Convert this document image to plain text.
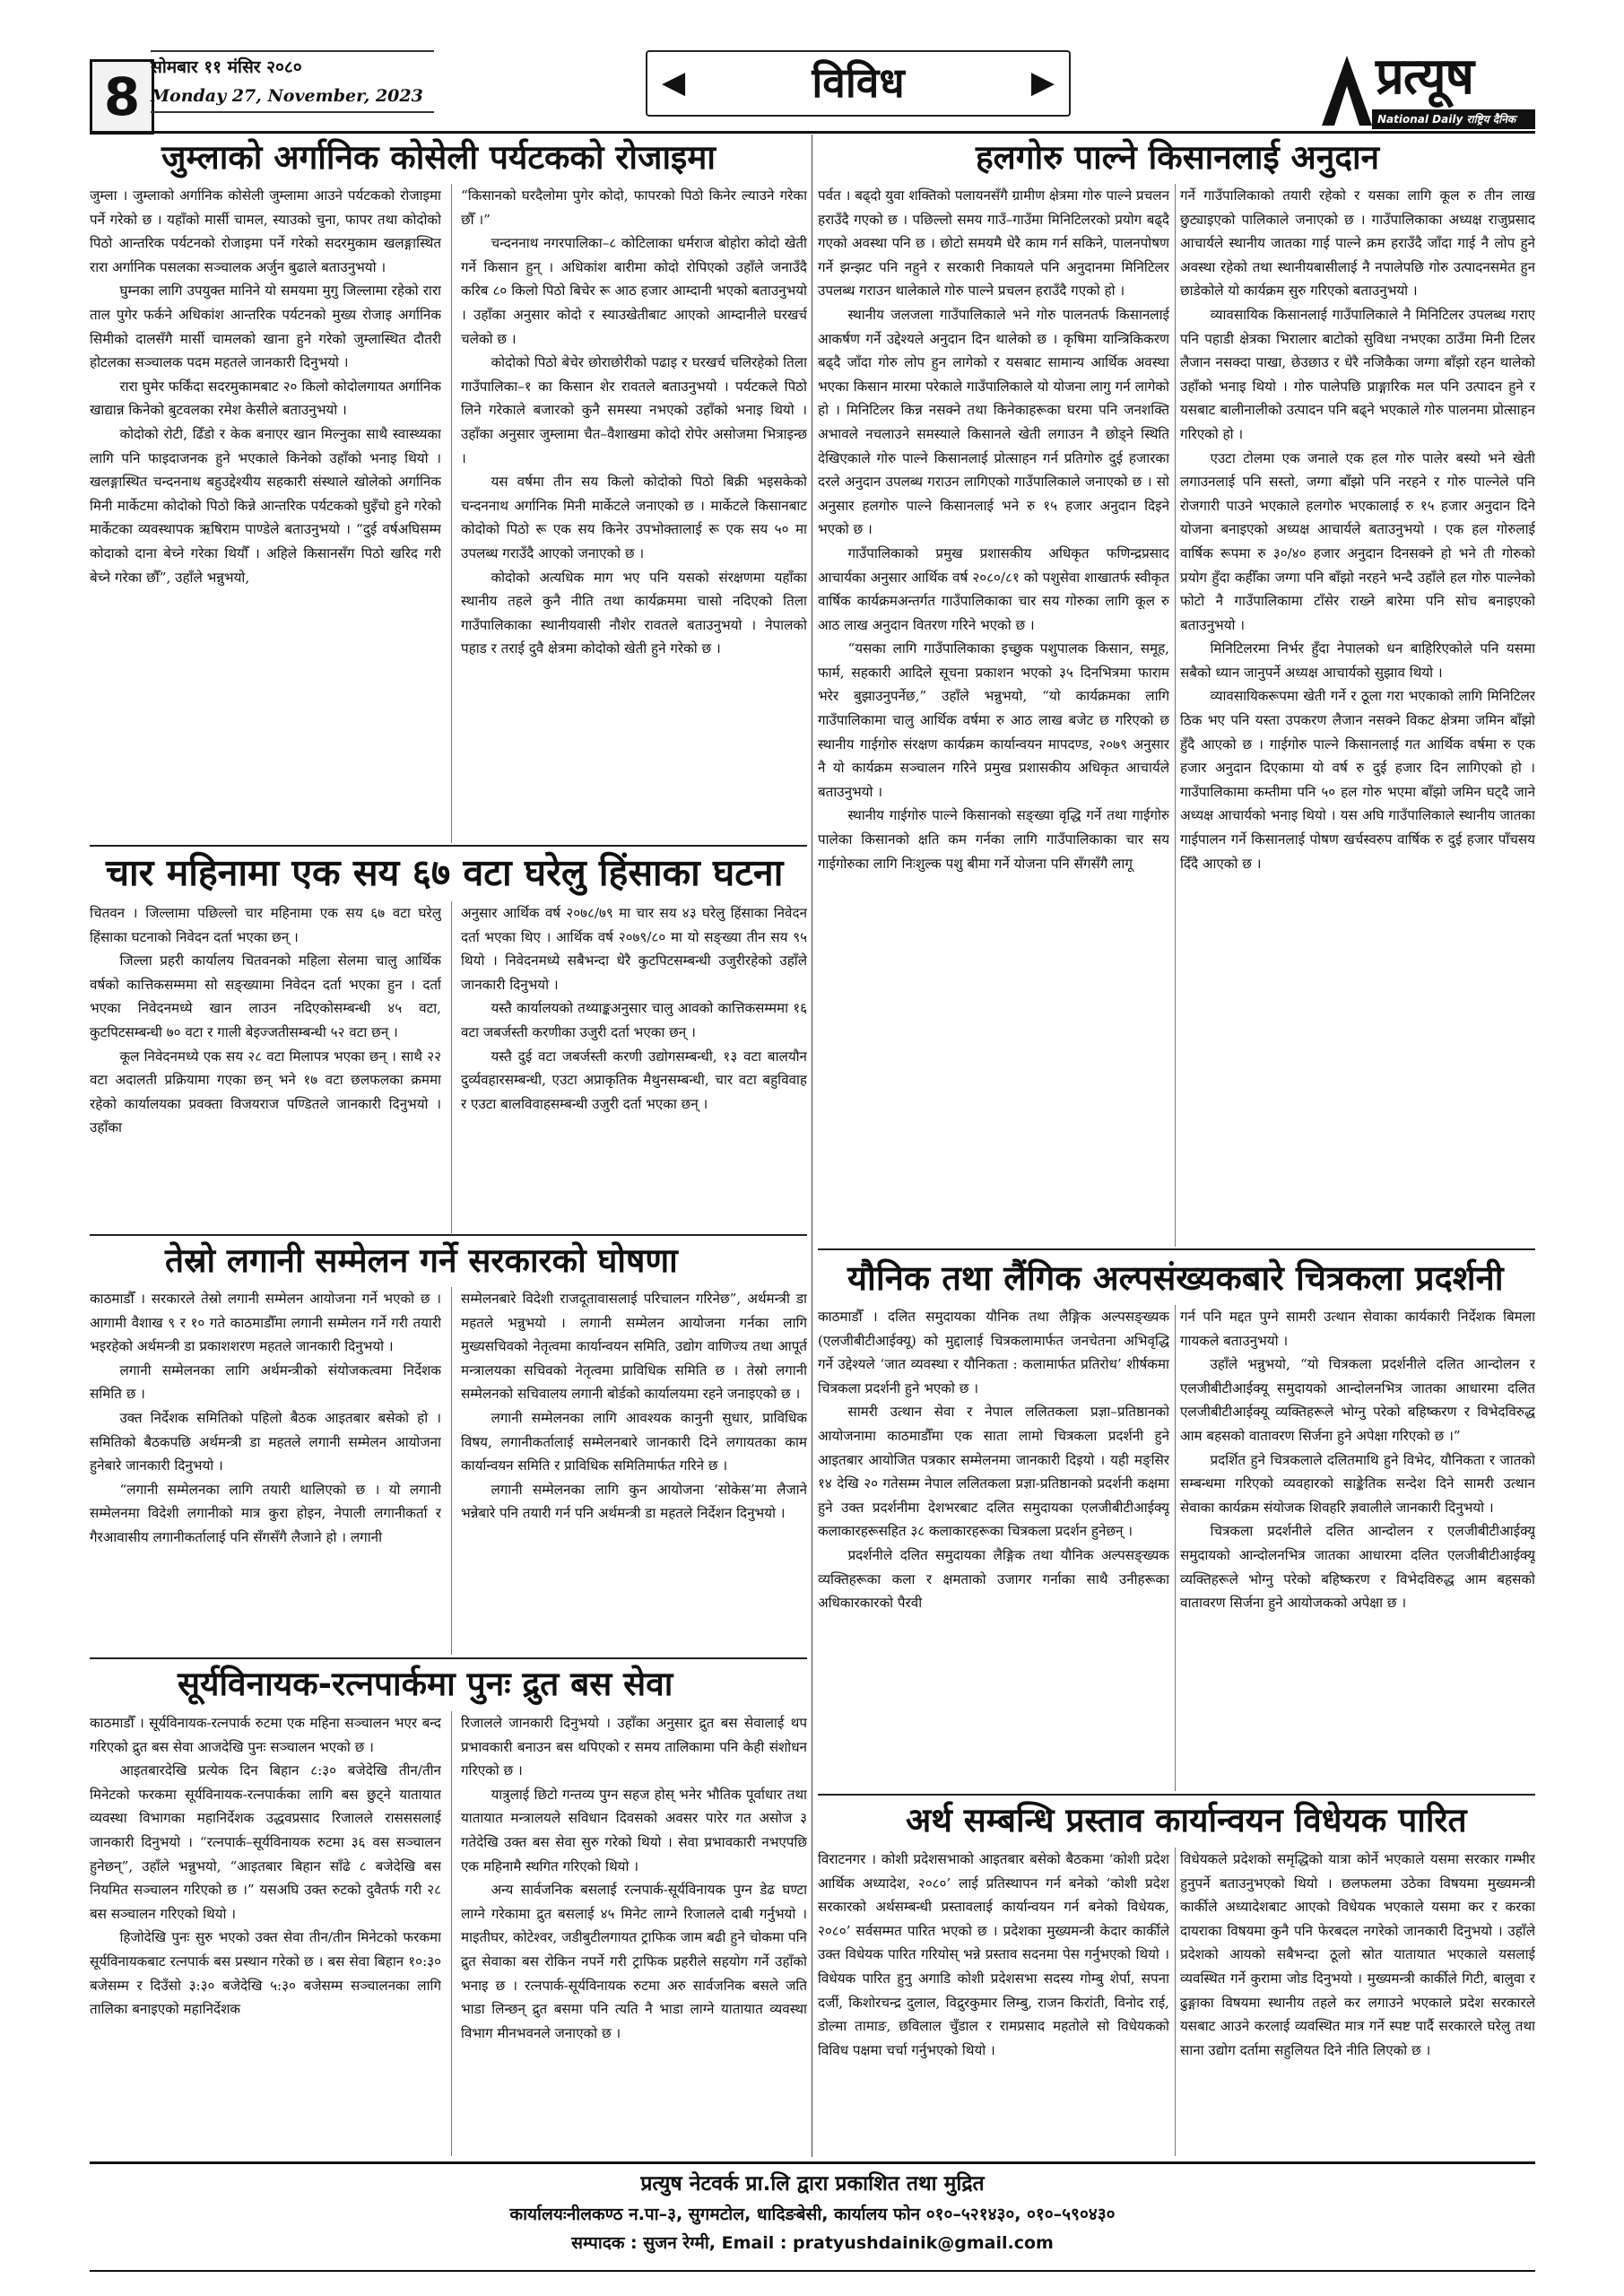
8 सोमबार ११ मंसिर २०८०
Monday 27, November, 2023	◀	विविध	▶	प्रत्यूष
National Daily राष्ट्रिय दैनिक
जुम्लाको अर्गानिक कोसेली पर्यटकको रोजाइमा

जुम्ला । जुम्लाको अर्गानिक कोसेली जुम्लामा आउने पर्यटकको रोजाइमा पर्ने गरेको छ । यहाँको मार्सी चामल, स्याउको चुना, फापर तथा कोदोको पिठो आन्तरिक पर्यटनको रोजाइमा पर्ने गरेको सदरमुकाम खलङ्गास्थित रारा अर्गानिक पसलका सञ्चालक अर्जुन बुढाले बताउनुभयो ।

घुम्नका लागि उपयुक्त मानिने यो समयमा मुगु जिल्लामा रहेको रारा ताल पुगेर फर्कने अधिकांश आन्तरिक पर्यटनको मुख्य रोजाइ अर्गानिक सिमीको दालसँगै मार्सी चामलको खाना हुने गरेको जुम्लास्थित दौतरी होटलका सञ्चालक पदम महतले जानकारी दिनुभयो ।

रारा घुमेर फर्किंदा सदरमुकामबाट २० किलो कोदोलगायत अर्गानिक खाद्यान्न किनेको बुटवलका रमेश केसीले बताउनुभयो ।

कोदोको रोटी, ढिँडो र केक बनाएर खान मिल्नुका साथै स्वास्थ्यका लागि पनि फाइदाजनक हुने भएकाले किनेको उहाँको भनाइ थियो । खलङ्गास्थित चन्दननाथ बहुउद्देश्यीय सहकारी संस्थाले खोलेको अर्गानिक मिनी मार्केटमा कोदोको पिठो किन्ने आन्तरिक पर्यटकको घुइँचो हुने गरेको मार्केटका व्यवस्थापक ऋषिराम पाण्डेले बताउनुभयो । “दुई वर्षअघिसम्म कोदाको दाना बेच्ने गरेका थियौँ । अहिले किसानसँग पिठो खरिद गरी बेच्ने गरेका छौँ”, उहाँले भन्नुभयो,

“किसानको घरदैलोमा पुगेर कोदो, फापरको पिठो किनेर ल्याउने गरेका छौँ ।”

चन्दननाथ नगरपालिका–८ कोटिलाका धर्मराज बोहोरा कोदो खेती गर्ने किसान हुन् । अधिकांश बारीमा कोदो रोपिएको उहाँले जनाउँदै करिब ८० किलो पिठो बिचेर रू आठ हजार आम्दानी भएको बताउनुभयो । उहाँका अनुसार कोदो र स्याउखेतीबाट आएको आम्दानीले घरखर्च चलेको छ ।

कोदोको पिठो बेचेर छोराछोरीको पढाइ र घरखर्च चलिरहेको तिला गाउँपालिका–१ का किसान शेर रावतले बताउनुभयो । पर्यटकले पिठो लिने गरेकाले बजारको कुनै समस्या नभएको उहाँको भनाइ थियो । उहाँका अनुसार जुम्लामा चैत–वैशाखमा कोदो रोपेर असोजमा भित्राइन्छ ।

यस वर्षमा तीन सय किलो कोदोको पिठो बिक्री भइसकेको चन्दननाथ अर्गानिक मिनी मार्केटले जनाएको छ । मार्केटले किसानबाट कोदोको पिठो रू एक सय किनेर उपभोक्तालाई रू एक सय ५० मा उपलब्ध गराउँदै आएको जनाएको छ ।

कोदोको अत्यधिक माग भए पनि यसको संरक्षणमा यहाँका स्थानीय तहले कुनै नीति तथा कार्यक्रममा चासो नदिएको तिला गाउँपालिकाका स्थानीयवासी नौशेर रावतले बताउनुभयो । नेपालको पहाड र तराई दुवै क्षेत्रमा कोदोको खेती हुने गरेको छ ।

चार महिनामा एक सय ६७ वटा घरेलु हिंसाका घटना

चितवन । जिल्लामा पछिल्लो चार महिनामा एक सय ६७ वटा घरेलु हिंसाका घटनाको निवेदन दर्ता भएका छन् ।

जिल्ला प्रहरी कार्यालय चितवनको महिला सेलमा चालु आर्थिक वर्षको कात्तिकसम्ममा सो सङ्ख्यामा निवेदन दर्ता भएका हुन । दर्ता भएका निवेदनमध्ये खान लाउन नदिएकोसम्बन्धी ४५ वटा, कुटपिटसम्बन्धी ७० वटा र गाली बेइज्जतीसम्बन्धी ५२ वटा छन् ।

कूल निवेदनमध्ये एक सय २८ वटा मिलापत्र भएका छन् । साथै २२ वटा अदालती प्रक्रियामा गएका छन् भने १७ वटा छलफलका क्रममा रहेको कार्यालयका प्रवक्ता विजयराज पण्डितले जानकारी दिनुभयो । उहाँका

अनुसार आर्थिक वर्ष २०७८/७९ मा चार सय ४३ घरेलु हिंसाका निवेदन दर्ता भएका थिए । आर्थिक वर्ष २०७९/८० मा यो सङ्ख्या तीन सय ९५ थियो । निवेदनमध्ये सबैभन्दा धेरै कुटपिटसम्बन्धी उजुरीरहेको उहाँले जानकारी दिनुभयो ।

यस्तै कार्यालयको तथ्याङ्कअनुसार चालु आवको कात्तिकसम्ममा १६ वटा जबर्जस्ती करणीका उजुरी दर्ता भएका छन् ।

यस्तै दुई वटा जबर्जस्ती करणी उद्योगसम्बन्धी, १३ वटा बालयौन दुर्व्यवहारसम्बन्धी, एउटा अप्राकृतिक मैथुनसम्बन्धी, चार वटा बहुविवाह र एउटा बालविवाहसम्बन्धी उजुरी दर्ता भएका छन् ।

तेस्रो लगानी सम्मेलन गर्ने सरकारको घोषणा

काठमाडौँ । सरकारले तेस्रो लगानी सम्मेलन आयोजना गर्ने भएको छ । आगामी वैशाख ९ र १० गते काठमाडौँमा लगानी सम्मेलन गर्ने गरी तयारी भइरहेको अर्थमन्त्री डा प्रकाशशरण महतले जानकारी दिनुभयो ।

लगानी सम्मेलनका लागि अर्थमन्त्रीको संयोजकत्वमा निर्देशक समिति छ ।

उक्त निर्देशक समितिको पहिलो बैठक आइतबार बसेको हो । समितिको बैठकपछि अर्थमन्त्री डा महतले लगानी सम्मेलन आयोजना हुनेबारे जानकारी दिनुभयो ।

“लगानी सम्मेलनका लागि तयारी थालिएको छ । यो लगानी सम्मेलनमा विदेशी लगानीको मात्र कुरा होइन, नेपाली लगानीकर्ता र गैरआवासीय लगानीकर्तालाई पनि सँगसँगै लैजाने हो । लगानी

सम्मेलनबारे विदेशी राजदूतावासलाई परिचालन गरिनेछ”, अर्थमन्त्री डा महतले भन्नुभयो । लगानी सम्मेलन आयोजना गर्नका लागि मुख्यसचिवको नेतृत्वमा कार्यान्वयन समिति, उद्योग वाणिज्य तथा आपूर्त मन्त्रालयका सचिवको नेतृत्वमा प्राविधिक समिति छ । तेस्रो लगानी सम्मेलनको सचिवालय लगानी बोर्डको कार्यालयमा रहने जनाइएको छ ।

लगानी सम्मेलनका लागि आवश्यक कानुनी सुधार, प्राविधिक विषय, लगानीकर्तालाई सम्मेलनबारे जानकारी दिने लगायतका काम कार्यान्वयन समिति र प्राविधिक समितिमार्फत गरिने छ ।

लगानी सम्मेलनका लागि कुन आयोजना ‘सोकेस’मा लैजाने भन्नेबारे पनि तयारी गर्न पनि अर्थमन्त्री डा महतले निर्देशन दिनुभयो ।

सूर्यविनायक-रत्नपार्कमा पुनः द्रुत बस सेवा

काठमाडौँ । सूर्यविनायक-रत्नपार्क रुटमा एक महिना सञ्चालन भएर बन्द गरिएको द्रुत बस सेवा आजदेखि पुनः सञ्चालन भएको छ ।

आइतबारदेखि प्रत्येक दिन बिहान ८:३० बजेदेखि तीन/तीन मिनेटको फरकमा सूर्यविनायक-रत्नपार्कका लागि बस छुट्ने यातायात व्यवस्था विभागका महानिर्देशक उद्धवप्रसाद रिजालले रासससलाई जानकारी दिनुभयो । “रत्नपार्क–सूर्यविनायक रुटमा ३६ वस सञ्चालन हुनेछन्”, उहाँले भन्नुभयो, “आइतबार बिहान साँढे ८ बजेदेखि बस नियमित सञ्चालन गरिएको छ ।” यसअघि उक्त रुटको दुवैतर्फ गरी २८ बस सञ्चालन गरिएको थियो ।

हिजोदेखि पुनः सुरु भएको उक्त सेवा तीन/तीन मिनेटको फरकमा सूर्यविनायकबाट रत्नपार्क बस प्रस्थान गरेको छ । बस सेवा बिहान १०:३० बजेसम्म र दिउँसो ३:३० बजेदेखि ५:३० बजेसम्म सञ्चालनका लागि तालिका बनाइएको महानिर्देशक

रिजालले जानकारी दिनुभयो । उहाँका अनुसार द्रुत बस सेवालाई थप प्रभावकारी बनाउन बस थपिएको र समय तालिकामा पनि केही संशोधन गरिएको छ ।

यात्रुलाई छिटो गन्तव्य पुग्न सहज होस् भनेर भौतिक पूर्वाधार तथा यातायात मन्त्रालयले सविधान दिवसको अवसर पारेर गत असोज ३ गतेदेखि उक्त बस सेवा सुरु गरेको थियो । सेवा प्रभावकारी नभएपछि एक महिनामै स्थगित गरिएको थियो ।

अन्य सार्वजनिक बसलाई रत्नपार्क-सूर्यविनायक पुग्न डेढ घण्टा लाग्ने गरेकामा द्रुत बसलाई ४५ मिनेट लाग्ने रिजालले दाबी गर्नुभयो । माइतीघर, कोटेश्वर, जडीबुटीलगायत ट्राफिक जाम बढी हुने चोकमा पनि द्रुत सेवाका बस रोकिन नपर्ने गरी ट्राफिक प्रहरीले सहयोग गर्ने उहाँको भनाइ छ । रत्नपार्क-सूर्यविनायक रुटमा अरु सार्वजनिक बसले जति भाडा लिन्छन् द्रुत बसमा पनि त्यति नै भाडा लाग्ने यातायात व्यवस्था विभाग मीनभवनले जनाएको छ ।

हलगोरु पाल्ने किसानलाई अनुदान

पर्वत । बढ्दो युवा शक्तिको पलायनसँगै ग्रामीण क्षेत्रमा गोरु पाल्ने प्रचलन हराउँदै गएको छ । पछिल्लो समय गाउँ–गाउँमा मिनिटिलरको प्रयोग बढ्दै गएको अवस्था पनि छ । छोटो समयमै धेरै काम गर्न सकिने, पालनपोषण गर्ने झन्झट पनि नहुने र सरकारी निकायले पनि अनुदानमा मिनिटिलर उपलब्ध गराउन थालेकाले गोरु पाल्ने प्रचलन हराउँदै गएको हो ।

स्थानीय जलजला गाउँपालिकाले भने गोरु पालनतर्फ किसानलाई आकर्षण गर्ने उद्देश्यले अनुदान दिन थालेको छ । कृषिमा यान्त्रिकिकरण बढ्दै जाँदा गोरु लोप हुन लागेको र यसबाट सामान्य आर्थिक अवस्था भएका किसान मारमा परेकाले गाउँपालिकाले यो योजना लागु गर्न लागेको हो । मिनिटिलर किन्न नसक्ने तथा किनेकाहरूका घरमा पनि जनशक्ति अभावले नचलाउने समस्याले किसानले खेती लगाउन नै छोड्ने स्थिति देखिएकाले गोरु पाल्ने किसानलाई प्रोत्साहन गर्न प्रतिगोरु दुई हजारका दरले अनुदान उपलब्ध गराउन लागिएको गाउँपालिकाले जनाएको छ । सो अनुसार हलगोरु पाल्ने किसानलाई भने रु १५ हजार अनुदान दिइने भएको छ ।

गाउँपालिकाको प्रमुख प्रशासकीय अधिकृत फणिन्द्रप्रसाद आचार्यका अनुसार आर्थिक वर्ष २०८०/८१ को पशुसेवा शाखातर्फ स्वीकृत वार्षिक कार्यक्रमअन्तर्गत गाउँपालिकाका चार सय गोरुका लागि कूल रु आठ लाख अनुदान वितरण गरिने भएको छ ।

“यसका लागि गाउँपालिकाका इच्छुक पशुपालक किसान, समूह, फार्म, सहकारी आदिले सूचना प्रकाशन भएको ३५ दिनभित्रमा फाराम भरेर बुझाउनुपर्नेछ,” उहाँले भन्नुभयो, “यो कार्यक्रमका लागि गाउँपालिकामा चालु आर्थिक वर्षमा रु आठ लाख बजेट छ गरिएको छ स्थानीय गाईगोरु संरक्षण कार्यक्रम कार्यान्वयन मापदण्ड, २०७९ अनुसार नै यो कार्यक्रम सञ्चालन गरिने प्रमुख प्रशासकीय अधिकृत आचार्यले बताउनुभयो ।

स्थानीय गाईगोरु पाल्ने किसानको सङ्ख्या वृद्धि गर्ने तथा गाईगोरु पालेका किसानको क्षति कम गर्नका लागि गाउँपालिकाका चार सय गाईगोरुका लागि निःशुल्क पशु बीमा गर्ने योजना पनि सँगसँगै लागू

गर्ने गाउँपालिकाको तयारी रहेको र यसका लागि कूल रु तीन लाख छुट्याइएको पालिकाले जनाएको छ । गाउँपालिकाका अध्यक्ष राजुप्रसाद आचार्यले स्थानीय जातका गाई पाल्ने क्रम हराउँदै जाँदा गाई नै लोप हुने अवस्था रहेको तथा स्थानीयबासीलाई नै नपालेपछि गोरु उत्पादनसमेत हुन छाडेकोले यो कार्यक्रम सुरु गरिएको बताउनुभयो ।

व्यावसायिक किसानलाई गाउँपालिकाले नै मिनिटिलर उपलब्ध गराए पनि पहाडी क्षेत्रका भिरालार बाटोको सुविधा नभएका ठाउँमा मिनी टिलर लैजान नसक्दा पाखा, छेउछाउ र धेरै नजिकैका जग्गा बाँझो रहन थालेको उहाँको भनाइ थियो । गोरु पालेपछि प्राङ्गारिक मल पनि उत्पादन हुने र यसबाट बालीनालीको उत्पादन पनि बढ्ने भएकाले गोरु पालनमा प्रोत्साहन गरिएको हो ।

एउटा टोलमा एक जनाले एक हल गोरु पालेर बस्यो भने खेती लगाउनलाई पनि सस्तो, जग्गा बाँझो पनि नरहने र गोरु पाल्नेले पनि रोजगारी पाउने भएकाले हलगोरु भएकालाई रु १५ हजार अनुदान दिने योजना बनाइएको अध्यक्ष आचार्यले बताउनुभयो । एक हल गोरुलाई वार्षिक रूपमा रु ३०/४० हजार अनुदान दिनसक्ने हो भने ती गोरुको प्रयोग हुँदा कहीँका जग्गा पनि बाँझो नरहने भन्दै उहाँले हल गोरु पाल्नेको फोटो नै गाउँपालिकामा टाँसेर राख्ने बारेमा पनि सोच बनाइएको बताउनुभयो ।

मिनिटिलरमा निर्भर हुँदा नेपालको धन बाहिरिएकोले पनि यसमा सबैको ध्यान जानुपर्ने अध्यक्ष आचार्यको सुझाव थियो ।

व्यावसायिकरूपमा खेती गर्ने र ठूला गरा भएकाको लागि मिनिटिलर ठिक भए पनि यस्ता उपकरण लैजान नसक्ने विकट क्षेत्रमा जमिन बाँझो हुँदै आएको छ । गाईगोरु पाल्ने किसानलाई गत आर्थिक वर्षमा रु एक हजार अनुदान दिएकामा यो वर्ष रु दुई हजार दिन लागिएको हो । गाउँपालिकामा कम्तीमा पनि ५० हल गोरु भएमा बाँझो जमिन घट्दै जाने अध्यक्ष आचार्यको भनाइ थियो । यस अघि गाउँपालिकाले स्थानीय जातका गाईपालन गर्ने किसानलाई पोषण खर्चस्वरुप वार्षिक रु दुई हजार पाँचसय दिँदै आएको छ ।

यौनिक तथा लैंगिक अल्पसंख्यकबारे चित्रकला प्रदर्शनी

काठमाडौँ । दलित समुदायका यौनिक तथा लैङ्गिक अल्पसङ्ख्यक (एलजीबीटीआईक्यू) को मुद्दालाई चित्रकलामार्फत जनचेतना अभिवृद्धि गर्ने उद्देश्यले ‘जात व्यवस्था र यौनिकता : कलामार्फत प्रतिरोध’ शीर्षकमा चित्रकला प्रदर्शनी हुने भएको छ ।

सामरी उत्थान सेवा र नेपाल ललितकला प्रज्ञा–प्रतिष्ठानको आयोजनामा काठमाडौँमा एक साता लामो चित्रकला प्रदर्शनी हुने आइतबार आयोजित पत्रकार सम्मेलनमा जानकारी दिइयो । यही मङ्सिर १४ देखि २० गतेसम्म नेपाल ललितकला प्रज्ञा-प्रतिष्ठानको प्रदर्शनी कक्षमा हुने उक्त प्रदर्शनीमा देशभरबाट दलित समुदायका एलजीबीटीआईक्यू कलाकारहरूसहित ३८ कलाकारहरूका चित्रकला प्रदर्शन हुनेछन् ।

प्रदर्शनीले दलित समुदायका लैङ्गिक तथा यौनिक अल्पसङ्ख्यक व्यक्तिहरूका कला र क्षमताको उजागर गर्नाका साथै उनीहरूका अधिकारकारको पैरवी

गर्न पनि मद्दत पुग्ने सामरी उत्थान सेवाका कार्यकारी निर्देशक बिमला गायकले बताउनुभयो ।

उहाँले भन्नुभयो, “यो चित्रकला प्रदर्शनीले दलित आन्दोलन र एलजीबीटीआईक्यू समुदायको आन्दोलनभित्र जातका आधारमा दलित एलजीबीटीआईक्यू व्यक्तिहरूले भोग्नु परेको बहिष्करण र विभेदविरुद्ध आम बहसको वातावरण सिर्जना हुने अपेक्षा गरिएको छ ।”

प्रदर्शित हुने चित्रकलाले दलितमाथि हुने विभेद, यौनिकता र जातको सम्बन्धमा गरिएको व्यवहारको साङ्केतिक सन्देश दिने सामरी उत्थान सेवाका कार्यक्रम संयोजक शिवहरि ज्ञवालीले जानकारी दिनुभयो ।

चित्रकला प्रदर्शनीले दलित आन्दोलन र एलजीबीटीआईक्यू समुदायको आन्दोलनभित्र जातका आधारमा दलित एलजीबीटीआईक्यू व्यक्तिहरूले भोग्नु परेको बहिष्करण र विभेदविरुद्ध आम बहसको वातावरण सिर्जना हुने आयोजकको अपेक्षा छ ।

अर्थ सम्बन्धि प्रस्ताव कार्यान्वयन विधेयक पारित

विराटनगर । कोशी प्रदेशसभाको आइतबार बसेको बैठकमा ‘कोशी प्रदेश आर्थिक अध्यादेश, २०८०’ लाई प्रतिस्थापन गर्न बनेको ‘कोशी प्रदेश सरकारको अर्थसम्बन्धी प्रस्तावलाई कार्यान्वयन गर्न बनेको विधेयक, २०८०’ सर्वसम्मत पारित भएको छ । प्रदेशका मुख्यमन्त्री केदार कार्कीले उक्त विधेयक पारित गरियोस् भन्ने प्रस्ताव सदनमा पेस गर्नुभएको थियो । विधेयक पारित हुनु अगाडि कोशी प्रदेशसभा सदस्य गोम्बु शेर्पा, सपना दर्जी, किशोरचन्द्र दुलाल, विद्रुरकुमार लिम्बु, राजन किरांती, विनोद राई, डोल्मा तामाङ, छविलाल चुँडाल र रामप्रसाद महतोले सो विधेयकको विविध पक्षमा चर्चा गर्नुभएको थियो ।

विधेयकले प्रदेशको समृद्धिको यात्रा कोर्ने भएकाले यसमा सरकार गम्भीर हुनुपर्ने बताउनुभएको थियो । छलफलमा उठेका विषयमा मुख्यमन्त्री कार्कीले अध्यादेशबाट आएको विधेयक भएकाले यसमा कर र करका दायराका विषयमा कुनै पनि फेरबदल नगरेको जानकारी दिनुभयो । उहाँले प्रदेशको आयको सबैभन्दा ठूलो स्रोत यातायात भएकाले यसलाई व्यवस्थित गर्ने कुरामा जोड दिनुभयो । मुख्यमन्त्री कार्कीले गिटी, बालुवा र ढुङ्गाका विषयमा स्थानीय तहले कर लगाउने भएकाले प्रदेश सरकारले यसबाट आउने करलाई व्यवस्थित मात्र गर्ने स्पष्ट पार्दै सरकारले घरेलु तथा साना उद्योग दर्तामा सहुलियत दिने नीति लिएको छ ।

प्रत्युष नेटवर्क प्रा.लि द्वारा प्रकाशित तथा मुद्रित
कार्यालयःनीलकण्ठ न.पा–३, सुगमटोल, धादिङबेसी, कार्यालय फोन ०१०–५२१४३०, ०१०–५९०४३०
सम्पादक : सुजन रेग्मी, Email : pratyushdainik@gmail.com
